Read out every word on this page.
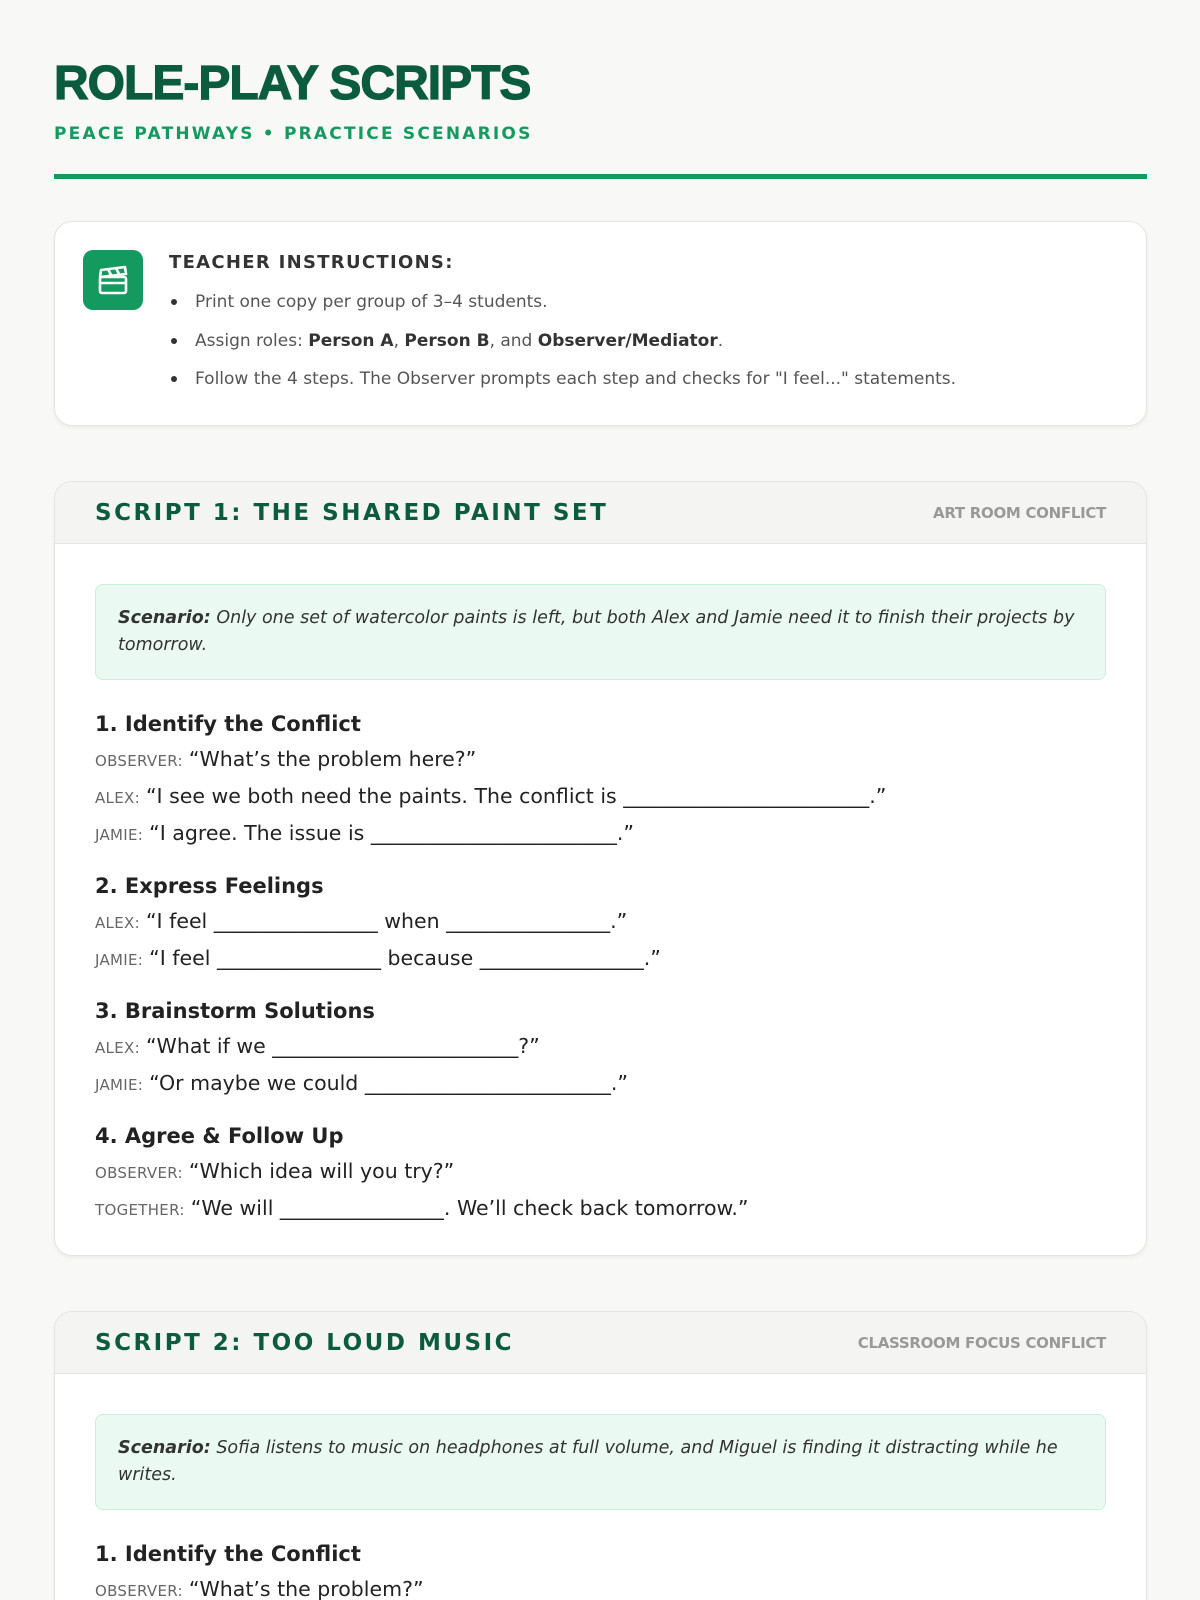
ROLE-PLAY SCRIPTS
PEACE PATHWAYS • PRACTICE SCENARIOS
TEACHER INSTRUCTIONS:
Print one copy per group of 3–4 students.
Assign roles: Person A, Person B, and Observer/Mediator.
Follow the 4 steps. The Observer prompts each step and checks for "I feel..." statements.
SCRIPT 1: THE SHARED PAINT SET	ART ROOM CONFLICT
Scenario: Only one set of watercolor paints is left, but both Alex and Jamie need it to finish their projects by tomorrow.
1. Identify the Conflict
OBSERVER: “What’s the problem here?”
ALEX: “I see we both need the paints. The conflict is ________________________.”
JAMIE: “I agree. The issue is ________________________.”
2. Express Feelings
ALEX: “I feel ________________ when ________________.”
JAMIE: “I feel ________________ because ________________.”
3. Brainstorm Solutions
ALEX: “What if we ________________________?”
JAMIE: “Or maybe we could ________________________.”
4. Agree & Follow Up
OBSERVER: “Which idea will you try?”
TOGETHER: “We will ________________. We’ll check back tomorrow.”
SCRIPT 2: TOO LOUD MUSIC	CLASSROOM FOCUS CONFLICT
Scenario: Sofia listens to music on headphones at full volume, and Miguel is finding it distracting while he writes.
1. Identify the Conflict
OBSERVER: “What’s the problem?”
